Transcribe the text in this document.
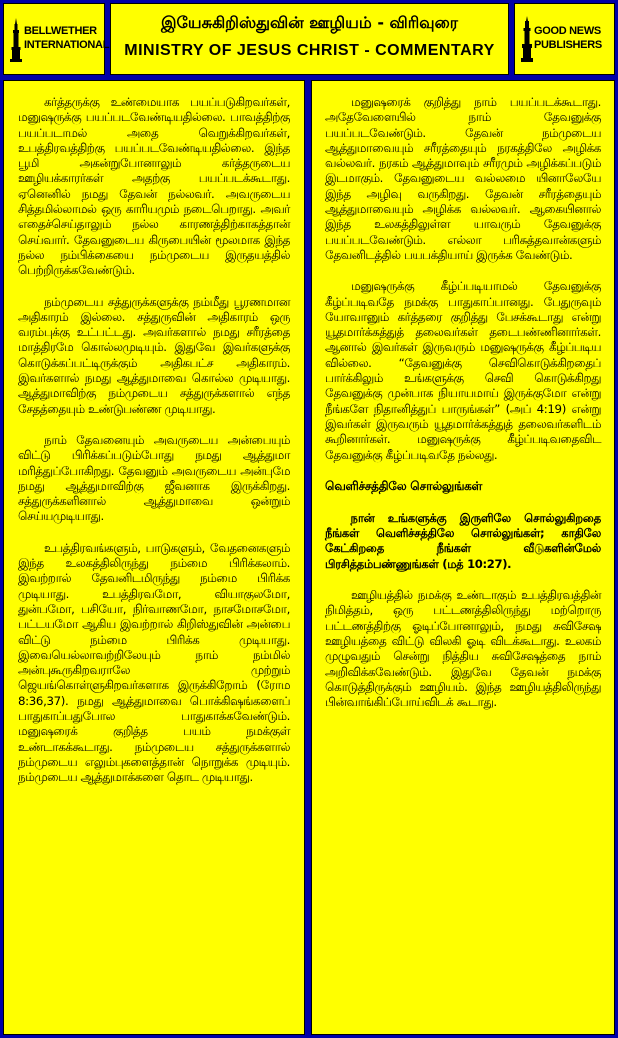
BELLWETHER
INTERNATIONAL
இயேசுகிறிஸ்துவின் ஊழியம் - விரிவுரை
MINISTRY OF JESUS CHRIST - COMMENTARY
GOOD NEWS
PUBLISHERS

கர்த்தருக்கு உண்மையாக பயப்படுகிறவர்கள், மனுஷருக்கு பயப்படவேண்டியதில்லை. பாவத்திற்கு பயப்படாமல் அதை வெறுக்கிறவர்கள், உபத்திரவத்திற்கு பயப்படவேண்டியதில்லை. இந்த பூமி அகன்றுபோனாலும் கர்த்தருடைய ஊழியக்காரர்கள் அதற்கு பயப்படக்கூடாது. ஏனெனில் நமது தேவன் நல்லவர். அவருடைய சித்தமில்லாமல் ஒரு காரியமும் நடைபெறாது. அவர் எதைச்செய்தாலும் நல்ல காரணத்திற்காகத்தான் செய்வார். தேவனுடைய கிருபையின் மூலமாக இந்த நல்ல நம்பிக்கையை நம்முடைய இருதயத்தில் பெற்றிருக்கவேண்டும்.

நம்முடைய சத்துருக்களுக்கு நம்மீது பூரணமான அதிகாரம் இல்லை. சத்துருவின் அதிகாரம் ஒரு வரம்புக்கு உட்பட்டது. அவர்களால் நமது சரீரத்தை மாத்திரமே கொல்லமுடியும். இதுவே இவர்களுக்கு கொடுக்கப்பட்டிருக்கும் அதிகபட்ச அதிகாரம். இவர்களால் நமது ஆத்துமாவை கொல்ல முடியாது. ஆத்துமாவிற்கு நம்முடைய சத்துருக்களால் எந்த சேதத்தையும் உண்டுபண்ண முடியாது.

நாம் தேவனையும் அவருடைய அன்பையும் விட்டு பிரிக்கப்படும்போது நமது ஆத்துமா மரித்துப்போகிறது. தேவனும் அவருடைய அன்புமே நமது ஆத்துமாவிற்கு ஜீவனாக இருக்கிறது. சத்துருக்களினால் ஆத்துமாவை ஒன்றும் செய்யமுடியாது.

உபத்திரவங்களும், பாடுகளும், வேதனைகளும் இந்த உலகத்திலிருந்து நம்மை பிரிக்கலாம். இவற்றால் தேவனிடமிருந்து நம்மை பிரிக்க முடியாது. உபத்திரவமோ, வியாகுலமோ, துன்பமோ, பசியோ, நிர்வாணமோ, நாசமோசமோ, பட்டயமோ ஆகிய இவற்றால் கிறிஸ்துவின் அன்பை விட்டு நம்மை பிரிக்க முடியாது. இவையெல்லாவற்றிலேயும் நாம் நம்மில் அன்புகூருகிறவராலே முற்றும் ஜெயங்கொள்ளுகிறவர்களாக இருக்கிறோம் (ரோம 8:36,37). நமது ஆத்துமாவை பொக்கிஷங்களைப் பாதுகாப்பதுபோல பாதுகாக்கவேண்டும். மனுஷரைக் குறித்த பயம் நமக்குள் உண்டாகக்கூடாது. நம்முடைய சத்துருக்களால் நம்முடைய எலும்புகளைத்தான் நொறுக்க முடியும். நம்முடைய ஆத்துமாக்களை தொட முடியாது.

மனுஷரைக் குறித்து நாம் பயப்படக்கூடாது. அதேவேளையில் நாம் தேவனுக்கு பயப்படவேண்டும். தேவன் நம்முடைய ஆத்துமாவையும் சரீரத்தையும் நரகத்திலே அழிக்க வல்லவர். நரகம் ஆத்துமாவும் சரீரமும் அழிக்கப்படும் இடமாகும். தேவனுடைய வல்லமை யினாலேயே இந்த அழிவு வருகிறது. தேவன் சரீரத்தையும் ஆத்துமாவையும் அழிக்க வல்லவர். ஆகையினால் இந்த உலகத்திலுள்ள யாவரும் தேவனுக்கு பயப்படவேண்டும். எல்லா பரிசுத்தவான்களும் தேவனிடத்தில் பயபக்தியாய் இருக்க வேண்டும்.

மனுஷருக்கு கீழ்ப்படியாமல் தேவனுக்கு கீழ்ப்படிவதே நமக்கு பாதுகாப்பானது. பேதுருவும் யோவானும் கர்த்தரை குறித்து பேசக்கூடாது என்று யூதமார்க்கத்துத் தலைவர்கள் தடைபண்ணினார்கள். ஆனால் இவர்கள் இருவரும் மனுஷருக்கு கீழ்ப்படிய வில்லை. “தேவனுக்கு செவிகொடுக்கிறதைப் பார்க்கிலும் உங்களுக்கு செவி கொடுக்கிறது தேவனுக்கு முன்பாக நியாயமாய் இருக்குமோ என்று நீங்களே நிதானித்துப் பாருங்கள்” (அப் 4:19) என்று இவர்கள் இருவரும் யூதமார்க்கத்துத் தலைவர்களிடம் கூறினார்கள். மனுஷருக்கு கீழ்ப்படிவதைவிட தேவனுக்கு கீழ்ப்படிவதே நல்லது.

வெளிச்சத்திலே சொல்லுங்கள்

நான் உங்களுக்கு இருளிலே சொல்லுகிறதை நீங்கள் வெளிச்சத்திலே சொல்லுங்கள்; காதிலே கேட்கிறதை நீங்கள் வீடுகளின்மேல் பிரசித்தம்பண்ணுங்கள் (மத் 10:27).

ஊழியத்தில் நமக்கு உண்டாகும் உபத்திரவத்தின் நிமித்தம், ஒரு பட்டணத்திலிருந்து மற்றொரு பட்டணத்திற்கு ஓடிப்போனாலும், நமது சுவிசேஷ ஊழியத்தை விட்டு விலகி ஓடி விடக்கூடாது. உலகம் முழுவதும் சென்று நித்திய சுவிசேஷத்தை நாம் அறிவிக்கவேண்டும். இதுவே தேவன் நமக்கு கொடுத்திருக்கும் ஊழியம். இந்த ஊழியத்திலிருந்து பின்வாங்கிப்போய்விடக் கூடாது.
